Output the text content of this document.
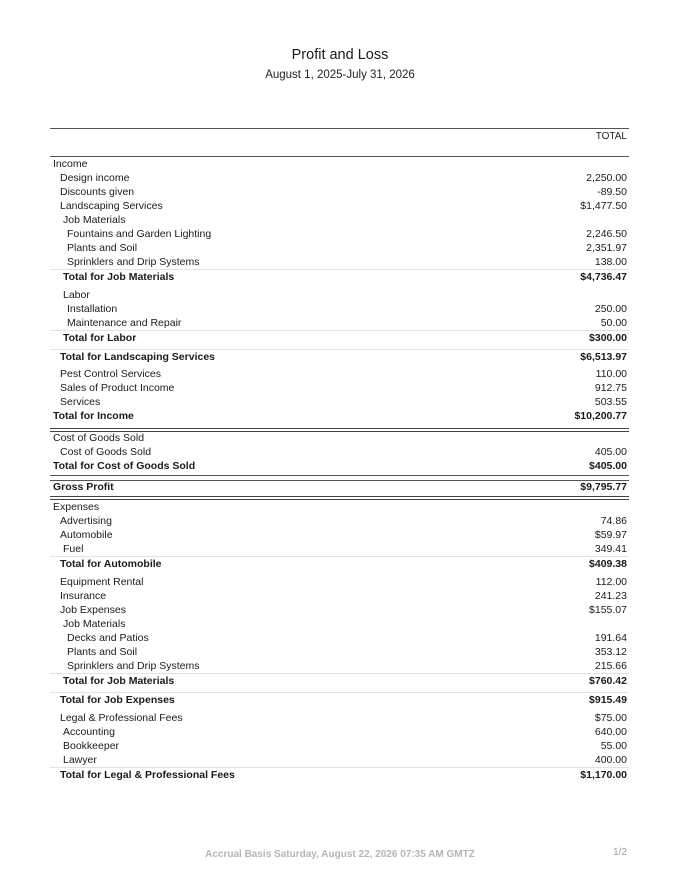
Profit and Loss
August 1, 2025-July 31, 2026
TOTAL
Income
Design income	2,250.00
Discounts given	-89.50
Landscaping Services	$1,477.50
Job Materials
Fountains and Garden Lighting	2,246.50
Plants and Soil	2,351.97
Sprinklers and Drip Systems	138.00
Total for Job Materials	$4,736.47
Labor
Installation	250.00
Maintenance and Repair	50.00
Total for Labor	$300.00
Total for Landscaping Services	$6,513.97
Pest Control Services	110.00
Sales of Product Income	912.75
Services	503.55
Total for Income	$10,200.77
Cost of Goods Sold
Cost of Goods Sold	405.00
Total for Cost of Goods Sold	$405.00
Gross Profit	$9,795.77
Expenses
Advertising	74.86
Automobile	$59.97
Fuel	349.41
Total for Automobile	$409.38
Equipment Rental	112.00
Insurance	241.23
Job Expenses	$155.07
Job Materials
Decks and Patios	191.64
Plants and Soil	353.12
Sprinklers and Drip Systems	215.66
Total for Job Materials	$760.42
Total for Job Expenses	$915.49
Legal & Professional Fees	$75.00
Accounting	640.00
Bookkeeper	55.00
Lawyer	400.00
Total for Legal & Professional Fees	$1,170.00
Accrual Basis Saturday, August 22, 2026 07:35 AM GMTZ	1/2
